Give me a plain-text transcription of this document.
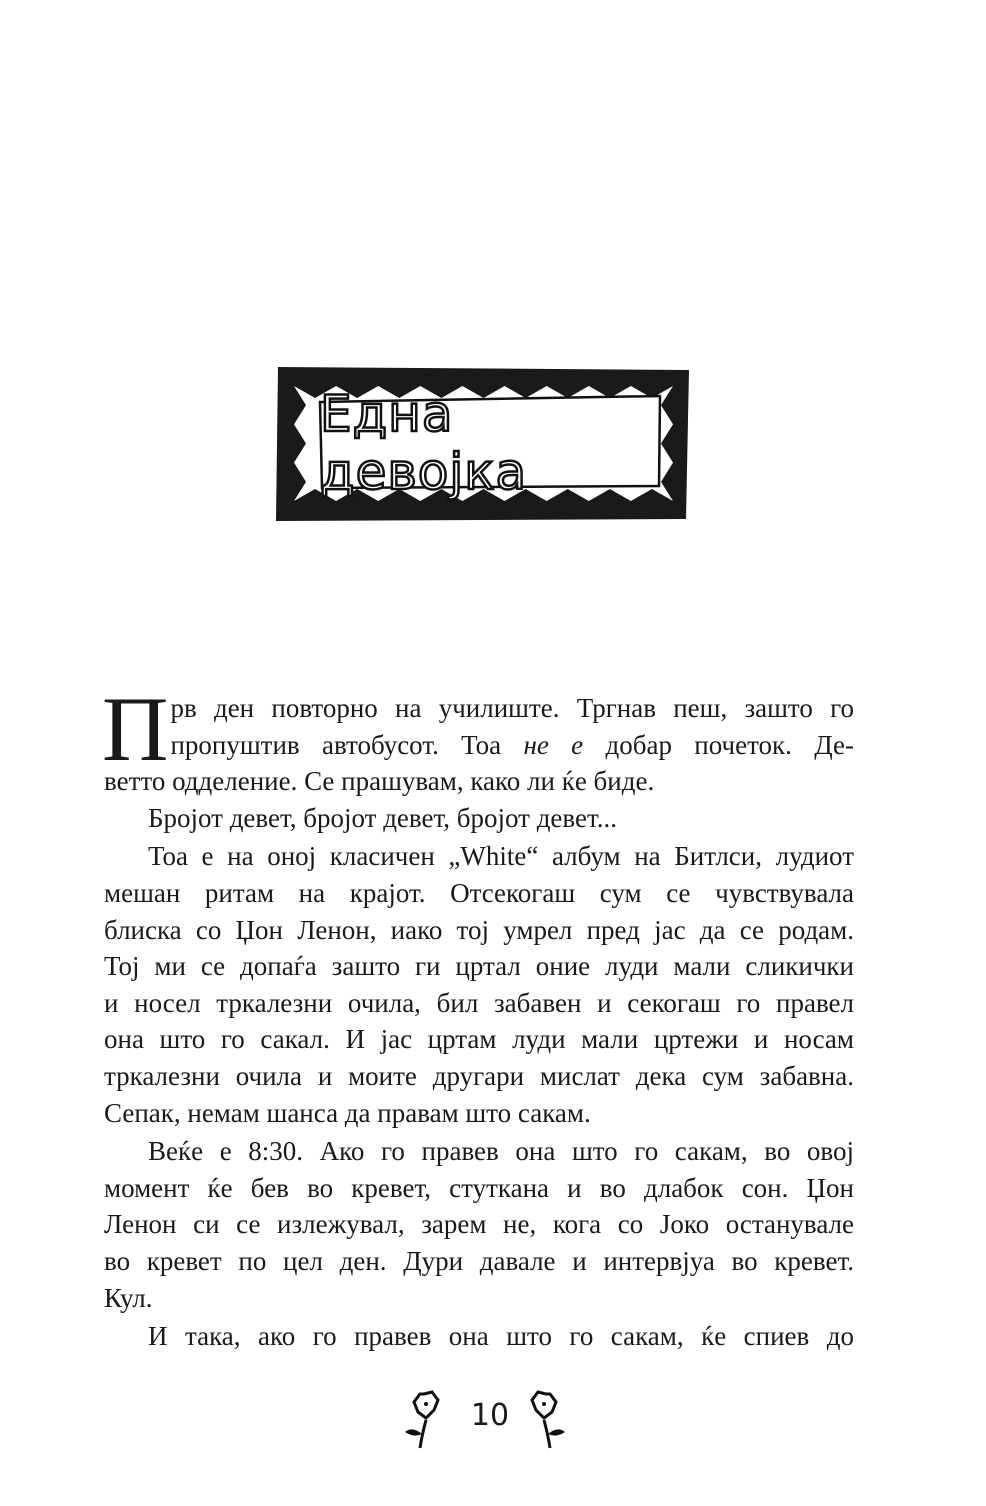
Една девојка
П рв ден повторно на училиште. Тргнав пеш, зашто го
пропуштив автобусот. Тоа не е добар почеток. Де-
ветто одделение. Се прашувам, како ли ќе биде.
Бројот девет, бројот девет, бројот девет...
Тоа е на оној класичен „White“ албум на Битлси, лудиот
мешан ритам на крајот. Отсекогаш сум се чувствувала
блиска со Џон Ленон, иако тој умрел пред јас да се родам.
Тој ми се допаѓа зашто ги цртал оние луди мали сликички
и носел тркалезни очила, бил забавен и секогаш го правел
она што го сакал. И јас цртам луди мали цртежи и носам
тркалезни очила и моите другари мислат дека сум забавна.
Сепак, немам шанса да правам што сакам.
Веќе е 8:30. Ако го правев она што го сакам, во овој
момент ќе бев во кревет, стуткана и во длабок сон. Џон
Ленон си се излежувал, зарем не, кога со Јоко останувале
во кревет по цел ден. Дури давале и интервјуа во кревет.
Кул.
И така, ако го правев она што го сакам, ќе спиев до
10
